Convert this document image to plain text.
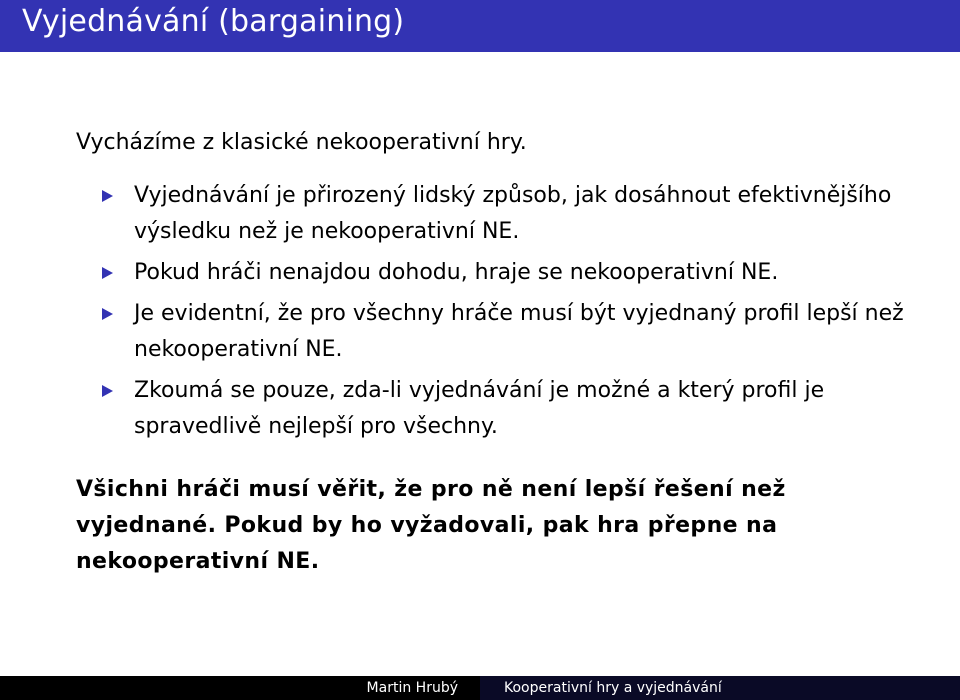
Vyjednávání (bargaining)
Vycházíme z klasické nekooperativní hry.
Vyjednávání je přirozený lidský způsob, jak dosáhnout efektivnějšího výsledku než je nekooperativní NE.
Pokud hráči nenajdou dohodu, hraje se nekooperativní NE.
Je evidentní, že pro všechny hráče musí být vyjednaný profil lepší než nekooperativní NE.
Zkoumá se pouze, zda-li vyjednávání je možné a který profil je spravedlivě nejlepší pro všechny.
Všichni hráči musí věřit, že pro ně není lepší řešení než vyjednané. Pokud by ho vyžadovali, pak hra přepne na nekooperativní NE.
Martin Hrubý	Kooperativní hry a vyjednávání
